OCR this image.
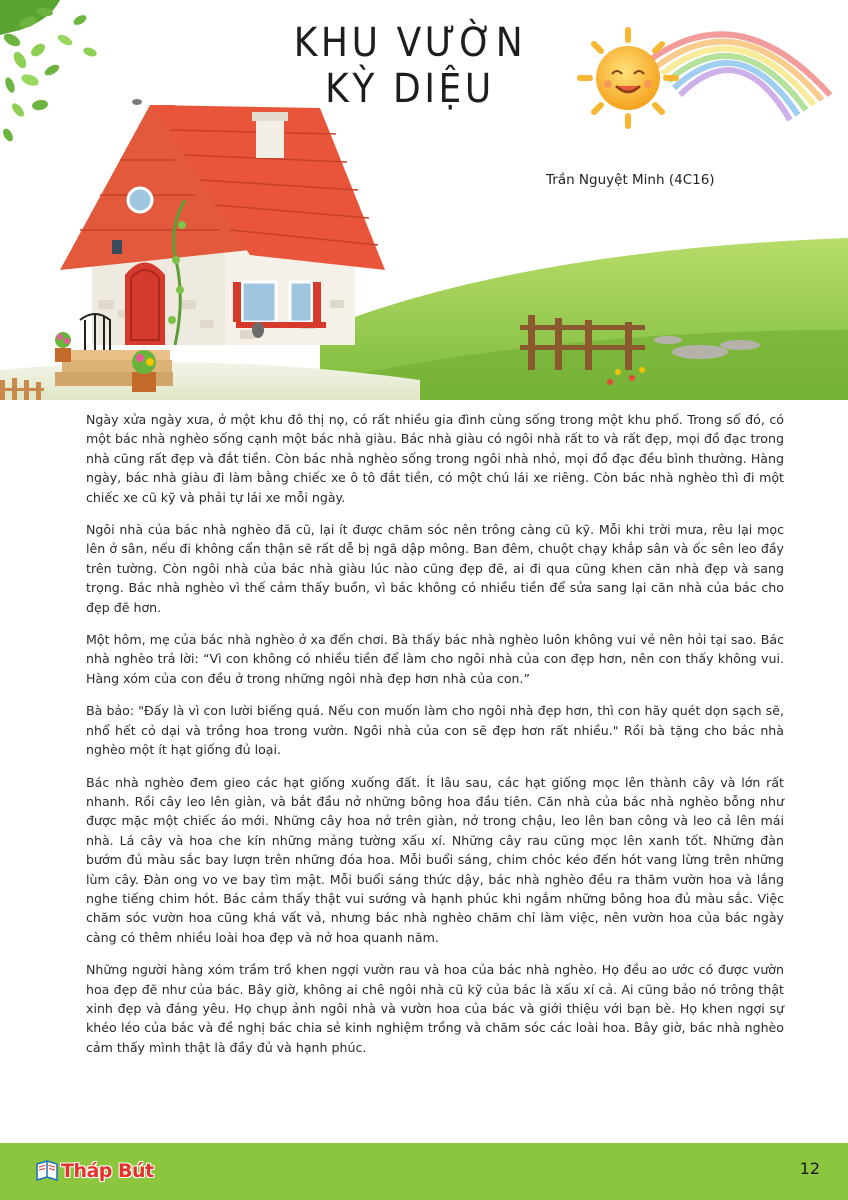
KHU VƯỜN KỲ DIỆU
Trần Nguyệt Minh (4C16)

Ngày xửa ngày xưa, ở một khu đô thị nọ, có rất nhiều gia đình cùng sống trong một khu phố. Trong số đó, có một bác nhà nghèo sống cạnh một bác nhà giàu. Bác nhà giàu có ngôi nhà rất to và rất đẹp, mọi đồ đạc trong nhà cũng rất đẹp và đắt tiền. Còn bác nhà nghèo sống trong ngôi nhà nhỏ, mọi đồ đạc đều bình thường. Hàng ngày, bác nhà giàu đi làm bằng chiếc xe ô tô đắt tiền, có một chú lái xe riêng. Còn bác nhà nghèo thì đi một chiếc xe cũ kỹ và phải tự lái xe mỗi ngày.

Ngôi nhà của bác nhà nghèo đã cũ, lại ít được chăm sóc nên trông càng cũ kỹ. Mỗi khi trời mưa, rêu lại mọc lên ở sân, nếu đi không cẩn thận sẽ rất dễ bị ngã dập mông. Ban đêm, chuột chạy khắp sân và ốc sên leo đầy trên tường. Còn ngôi nhà của bác nhà giàu lúc nào cũng đẹp đẽ, ai đi qua cũng khen căn nhà đẹp và sang trọng. Bác nhà nghèo vì thế cảm thấy buồn, vì bác không có nhiều tiền để sửa sang lại căn nhà của bác cho đẹp đẽ hơn.

Một hôm, mẹ của bác nhà nghèo ở xa đến chơi. Bà thấy bác nhà nghèo luôn không vui vẻ nên hỏi tại sao. Bác nhà nghèo trả lời: “Vì con không có nhiều tiền để làm cho ngôi nhà của con đẹp hơn, nên con thấy không vui. Hàng xóm của con đều ở trong những ngôi nhà đẹp hơn nhà của con.”

Bà bảo: "Đấy là vì con lười biếng quá. Nếu con muốn làm cho ngôi nhà đẹp hơn, thì con hãy quét dọn sạch sẽ, nhổ hết cỏ dại và trồng hoa trong vườn. Ngôi nhà của con sẽ đẹp hơn rất nhiều." Rồi bà tặng cho bác nhà nghèo một ít hạt giống đủ loại.

Bác nhà nghèo đem gieo các hạt giống xuống đất. Ít lâu sau, các hạt giống mọc lên thành cây và lớn rất nhanh. Rồi cây leo lên giàn, và bắt đầu nở những bông hoa đầu tiên. Căn nhà của bác nhà nghèo bỗng như được mặc một chiếc áo mới. Những cây hoa nở trên giàn, nở trong chậu, leo lên ban công và leo cả lên mái nhà. Lá cây và hoa che kín những mảng tường xấu xí. Những cây rau cũng mọc lên xanh tốt. Những đàn bướm đủ màu sắc bay lượn trên những đóa hoa. Mỗi buổi sáng, chim chóc kéo đến hót vang lừng trên những lùm cây. Đàn ong vo ve bay tìm mật. Mỗi buổi sáng thức dậy, bác nhà nghèo đều ra thăm vườn hoa và lắng nghe tiếng chim hót. Bác cảm thấy thật vui sướng và hạnh phúc khi ngắm những bông hoa đủ màu sắc. Việc chăm sóc vườn hoa cũng khá vất vả, nhưng bác nhà nghèo chăm chỉ làm việc, nên vườn hoa của bác ngày càng có thêm nhiều loài hoa đẹp và nở hoa quanh năm.

Những người hàng xóm trầm trồ khen ngợi vườn rau và hoa của bác nhà nghèo. Họ đều ao ước có được vườn hoa đẹp đẽ như của bác. Bây giờ, không ai chê ngôi nhà cũ kỹ của bác là xấu xí cả. Ai cũng bảo nó trông thật xinh đẹp và đáng yêu. Họ chụp ảnh ngôi nhà và vườn hoa của bác và giới thiệu với bạn bè. Họ khen ngợi sự khéo léo của bác và đề nghị bác chia sẻ kinh nghiệm trồng và chăm sóc các loài hoa. Bây giờ, bác nhà nghèo cảm thấy mình thật là đầy đủ và hạnh phúc.

Tháp Bút	12
